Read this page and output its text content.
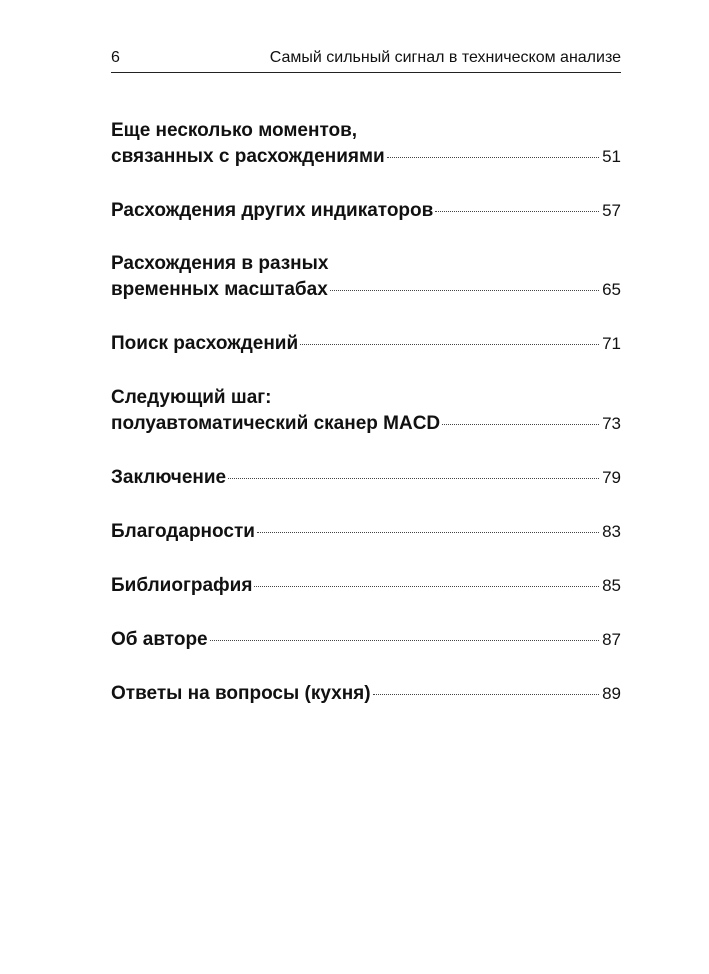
6	Самый сильный сигнал в техническом анализе
Еще несколько моментов,
связанных с расхождениями	51
Расхождения других индикаторов	57
Расхождения в разных
временных масштабах	65
Поиск расхождений	71
Следующий шаг:
полуавтоматический сканер MACD	73
Заключение	79
Благодарности	83
Библиография	85
Об авторе	87
Ответы на вопросы (кухня)	89
